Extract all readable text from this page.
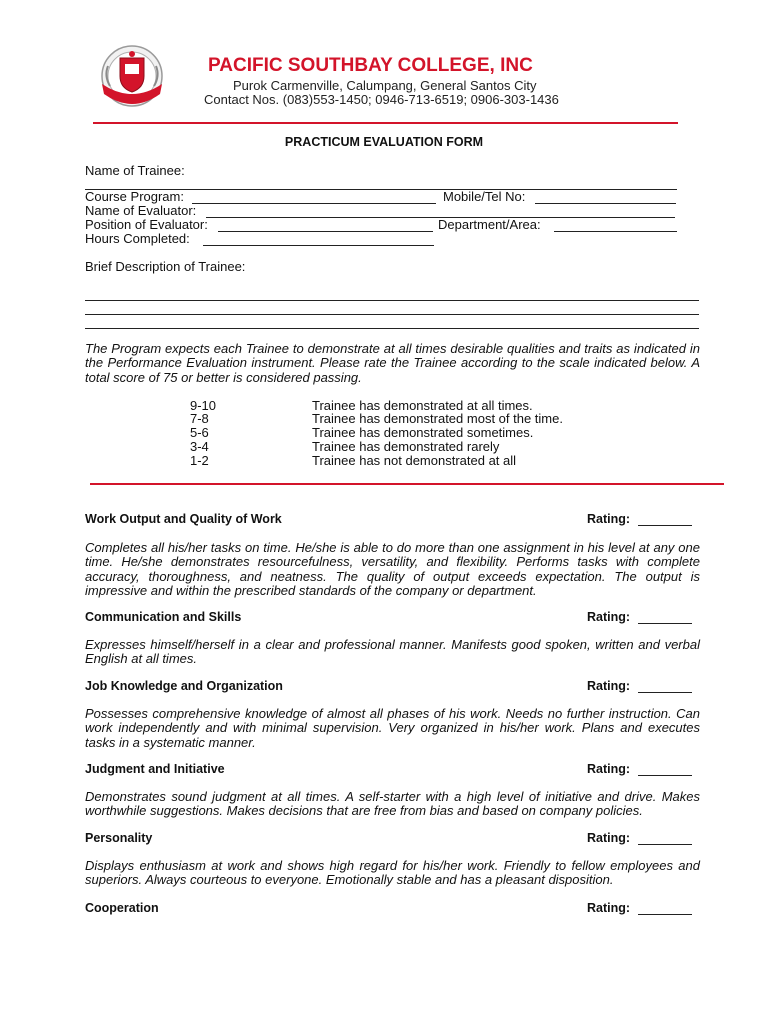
PACIFIC SOUTHBAY COLLEGE, INC
Purok Carmenville, Calumpang, General Santos City
Contact Nos. (083)553-1450; 0946-713-6519; 0906-303-1436
PRACTICUM EVALUATION FORM
Name of Trainee:
Course Program:	Mobile/Tel No:
Name of Evaluator:
Position of Evaluator:	Department/Area:
Hours Completed:
Brief Description of Trainee:
The Program expects each Trainee to demonstrate at all times desirable qualities and traits as indicated in the Performance Evaluation instrument. Please rate the Trainee according to the scale indicated below. A total score of 75 or better is considered passing.
9-10	Trainee has demonstrated at all times.
7-8	Trainee has demonstrated most of the time.
5-6	Trainee has demonstrated sometimes.
3-4	Trainee has demonstrated rarely
1-2	Trainee has not demonstrated at all
Work Output and Quality of Work	Rating:
Completes all his/her tasks on time. He/she is able to do more than one assignment in his level at any one time. He/she demonstrates resourcefulness, versatility, and flexibility. Performs tasks with complete accuracy, thoroughness, and neatness. The quality of output exceeds expectation. The output is impressive and within the prescribed standards of the company or department.
Communication and Skills	Rating:
Expresses himself/herself in a clear and professional manner. Manifests good spoken, written and verbal English at all times.
Job Knowledge and Organization	Rating:
Possesses comprehensive knowledge of almost all phases of his work. Needs no further instruction. Can work independently and with minimal supervision. Very organized in his/her work. Plans and executes tasks in a systematic manner.
Judgment and Initiative	Rating:
Demonstrates sound judgment at all times. A self-starter with a high level of initiative and drive. Makes worthwhile suggestions. Makes decisions that are free from bias and based on company policies.
Personality	Rating:
Displays enthusiasm at work and shows high regard for his/her work. Friendly to fellow employees and superiors. Always courteous to everyone. Emotionally stable and has a pleasant disposition.
Cooperation	Rating:
